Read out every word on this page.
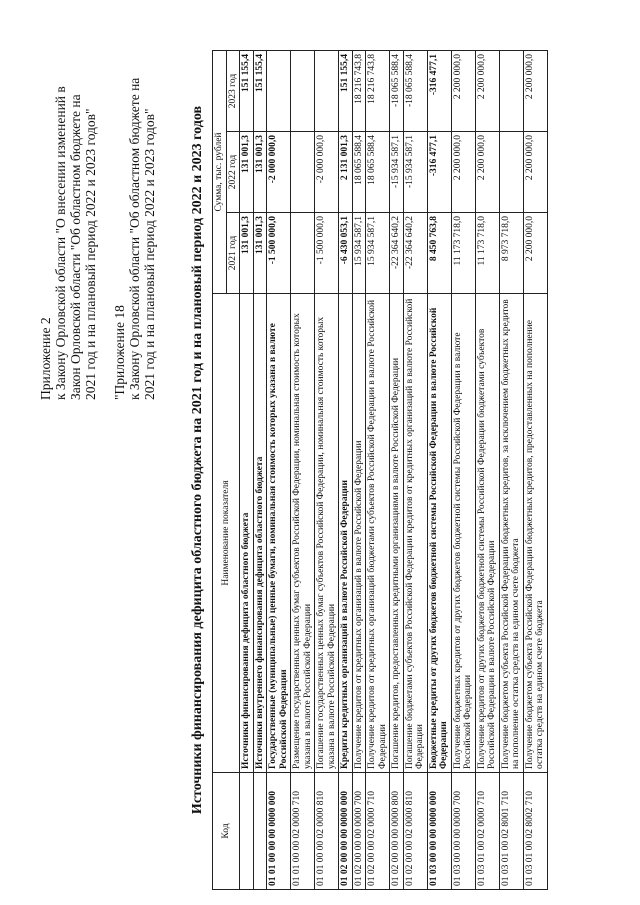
Приложение 2 к Закону Орловской области "О внесении изменений в Закон Орловской области "Об областном бюджете на 2021 год и на плановый период 2022 и 2023 годов" "Приложение 18 к Закону Орловской области "Об областном бюджете на 2021 год и на плановый период 2022 и 2023 годов" Источники финансирования дефицита областного бюджета на 2021 год и на плановый период 2022 и 2023 годов
Код	Наименование показателя	Сумма, тыс. рублей		
		2021 год	2022 год	2023 год
	Источники финансирования дефицита областного бюджета	131 001,3	131 001,3	151 155,4
	Источники внутреннего финансирования дефицита областного бюджета	131 001,3	131 001,3	151 155,4
01 01 00 00 00 0000 000	Государственные (муниципальные) ценные бумаги, номинальная стоимость которых указана в валюте Российской Федерации	-1 500 000,0	-2 000 000,0	
01 01 00 00 02 0000 710	Размещение государственных ценных бумаг субъектов Российской Федерации, номинальная стоимость которых указана в валюте Российской Федерации			
01 01 00 00 02 0000 810	Погашение государственных ценных бумаг субъектов Российской Федерации, номинальная стоимость которых указана в валюте Российской Федерации	-1 500 000,0	-2 000 000,0	
01 02 00 00 00 0000 000	Кредиты кредитных организаций в валюте Российской Федерации	-6 430 053,1	2 131 001,3	151 155,4
01 02 00 00 00 0000 700	Получение кредитов от кредитных организаций в валюте Российской Федерации	15 934 587,1	18 065 588,4	18 216 743,8
01 02 00 00 02 0000 710	Получение кредитов от кредитных организаций бюджетами субъектов Российской Федерации в валюте Российской Федерации	15 934 587,1	18 065 588,4	18 216 743,8
01 02 00 00 00 0000 800	Погашение кредитов, предоставленных кредитными организациями в валюте Российской Федерации	-22 364 640,2	-15 934 587,1	-18 065 588,4
01 02 00 00 02 0000 810	Погашение бюджетами субъектов Российской Федерации кредитов от кредитных организаций в валюте Российской Федерации	-22 364 640,2	-15 934 587,1	-18 065 588,4
01 03 00 00 00 0000 000	Бюджетные кредиты от других бюджетов бюджетной системы Российской Федерации в валюте Российской Федерации	8 450 763,8	-316 477,1	-316 477,1
01 03 00 00 00 0000 700	Получение бюджетных кредитов от других бюджетов бюджетной системы Российской Федерации в валюте Российской Федерации	11 173 718,0	2 200 000,0	2 200 000,0
01 03 01 00 02 0000 710	Получение кредитов от других бюджетов бюджетной системы Российской Федерации бюджетами субъектов Российской Федерации в валюте Российской Федерации	11 173 718,0	2 200 000,0	2 200 000,0
01 03 01 00 02 8001 710	Получение бюджетом субъекта Российской Федерации бюджетных кредитов, за исключением бюджетных кредитов на пополнение остатка средств на едином счете бюджета	8 973 718,0		
01 03 01 00 02 8002 710	Получение бюджетом субъекта Российской Федерации бюджетных кредитов, предоставленных на пополнение остатка средств на едином счете бюджета	2 200 000,0	2 200 000,0	2 200 000,0
